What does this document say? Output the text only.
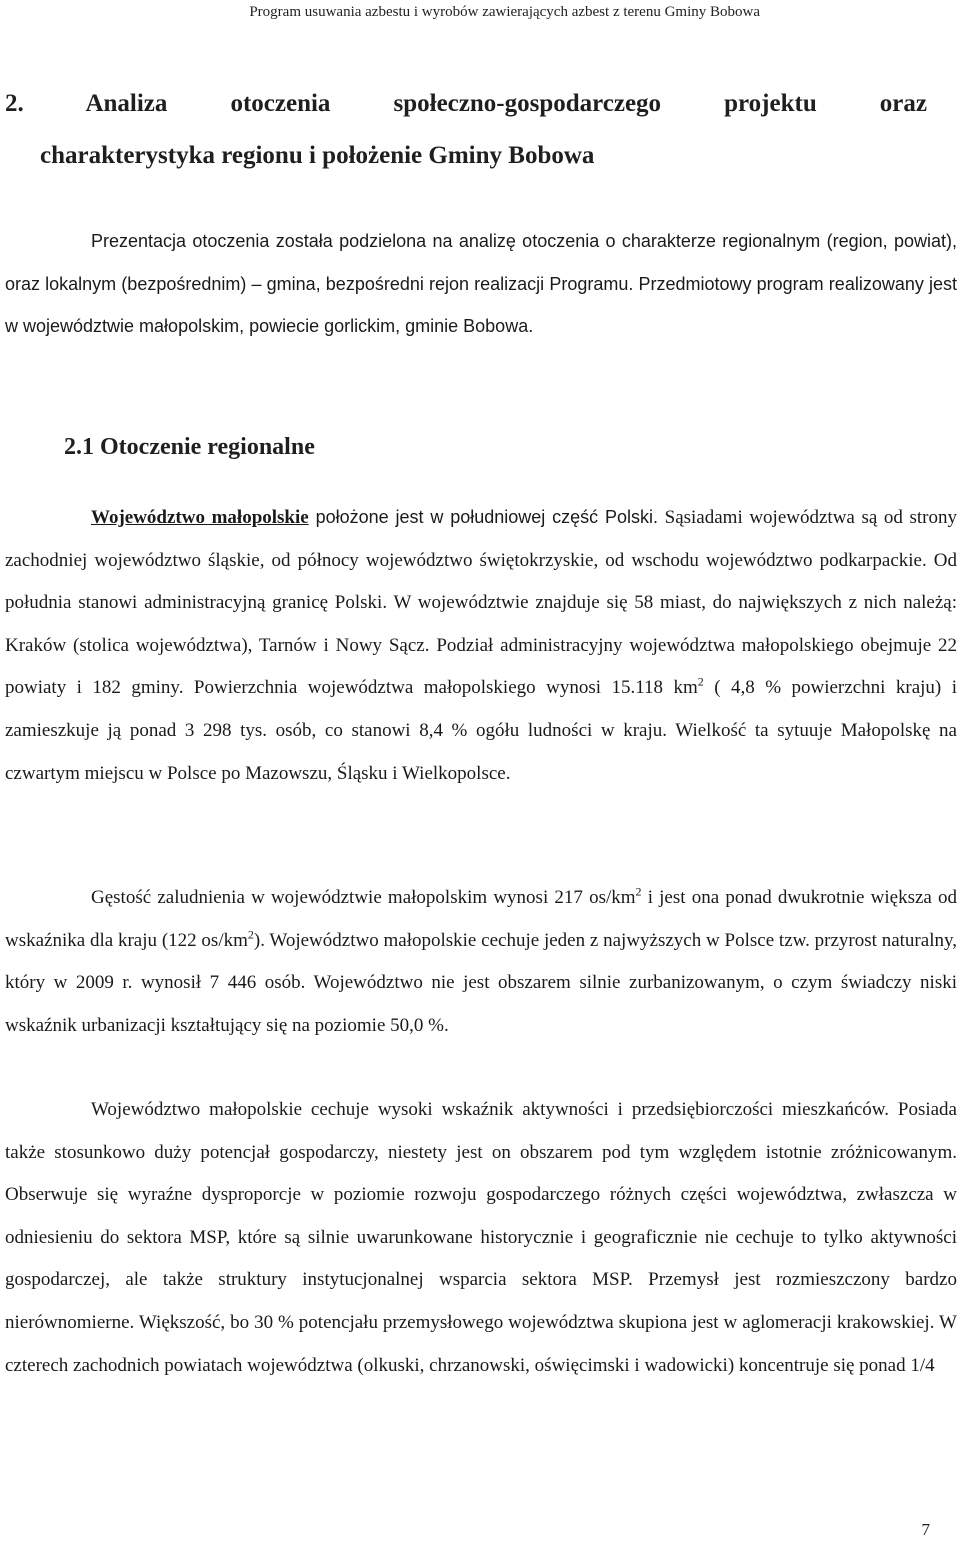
Program usuwania azbestu i wyrobów zawierających azbest z terenu Gminy Bobowa
2. Analiza otoczenia społeczno-gospodarczego projektu oraz
charakterystyka regionu i położenie Gminy Bobowa

Prezentacja otoczenia została podzielona na analizę otoczenia o charakterze regionalnym (region, powiat), oraz lokalnym (bezpośrednim) – gmina, bezpośredni rejon realizacji Programu. Przedmiotowy program realizowany jest w województwie małopolskim, powiecie gorlickim, gminie Bobowa.

2.1 Otoczenie regionalne

Województwo małopolskie położone jest w południowej część Polski. Sąsiadami województwa są od strony zachodniej województwo śląskie, od północy województwo świętokrzyskie, od wschodu województwo podkarpackie. Od południa stanowi administracyjną granicę Polski. W województwie znajduje się 58 miast, do największych z nich należą: Kraków (stolica województwa), Tarnów i Nowy Sącz. Podział administracyjny województwa małopolskiego obejmuje 22 powiaty i 182 gminy. Powierzchnia województwa małopolskiego wynosi 15.118 $km^2$ ( 4,8 % powierzchni kraju) i zamieszkuje ją ponad 3 298 tys. osób, co stanowi 8,4 % ogółu ludności w kraju. Wielkość ta sytuuje Małopolskę na czwartym miejscu w Polsce po Mazowszu, Śląsku i Wielkopolsce.

Gęstość zaludnienia w województwie małopolskim wynosi 217 $os/km^2$ i jest ona ponad dwukrotnie większa od wskaźnika dla kraju (122 $os/km^2$). Województwo małopolskie cechuje jeden z najwyższych w Polsce tzw. przyrost naturalny, który w 2009 r. wynosił 7 446 osób. Województwo nie jest obszarem silnie zurbanizowanym, o czym świadczy niski wskaźnik urbanizacji kształtujący się na poziomie 50,0 %.

Województwo małopolskie cechuje wysoki wskaźnik aktywności i przedsiębiorczości mieszkańców. Posiada także stosunkowo duży potencjał gospodarczy, niestety jest on obszarem pod tym względem istotnie zróżnicowanym. Obserwuje się wyraźne dysproporcje w poziomie rozwoju gospodarczego różnych części województwa, zwłaszcza w odniesieniu do sektora MSP, które są silnie uwarunkowane historycznie i geograficznie nie cechuje to tylko aktywności gospodarczej, ale także struktury instytucjonalnej wsparcia sektora MSP. Przemysł jest rozmieszczony bardzo nierównomierne. Większość, bo 30 % potencjału przemysłowego województwa skupiona jest w aglomeracji krakowskiej. W czterech zachodnich powiatach województwa (olkuski, chrzanowski, oświęcimski i wadowicki) koncentruje się ponad 1/4

7
